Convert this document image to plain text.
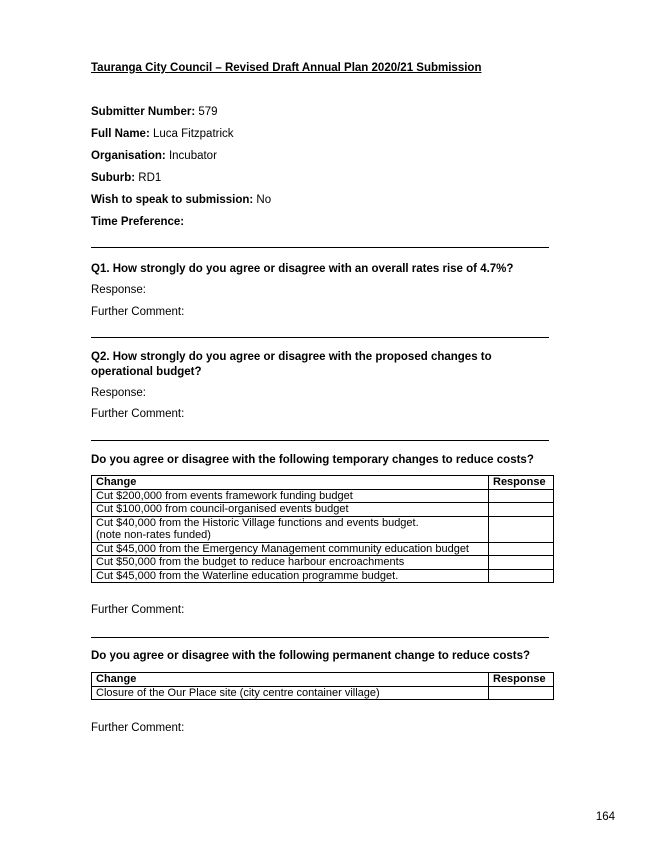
Tauranga City Council – Revised Draft Annual Plan 2020/21 Submission
Submitter Number: 579
Full Name: Luca Fitzpatrick
Organisation: Incubator
Suburb: RD1
Wish to speak to submission: No
Time Preference:
Q1. How strongly do you agree or disagree with an overall rates rise of 4.7%?
Response:
Further Comment:
Q2. How strongly do you agree or disagree with the proposed changes to operational budget?
Response:
Further Comment:
Do you agree or disagree with the following temporary changes to reduce costs?
Change	Response
Cut $200,000 from events framework funding budget	
Cut $100,000 from council-organised events budget	
Cut $40,000 from the Historic Village functions and events budget.
(note non-rates funded)	
Cut $45,000 from the Emergency Management community education budget	
Cut $50,000 from the budget to reduce harbour encroachments	
Cut $45,000 from the Waterline education programme budget.	
Further Comment:
Do you agree or disagree with the following permanent change to reduce costs?
Change	Response
Closure of the Our Place site (city centre container village)	
Further Comment:
164
